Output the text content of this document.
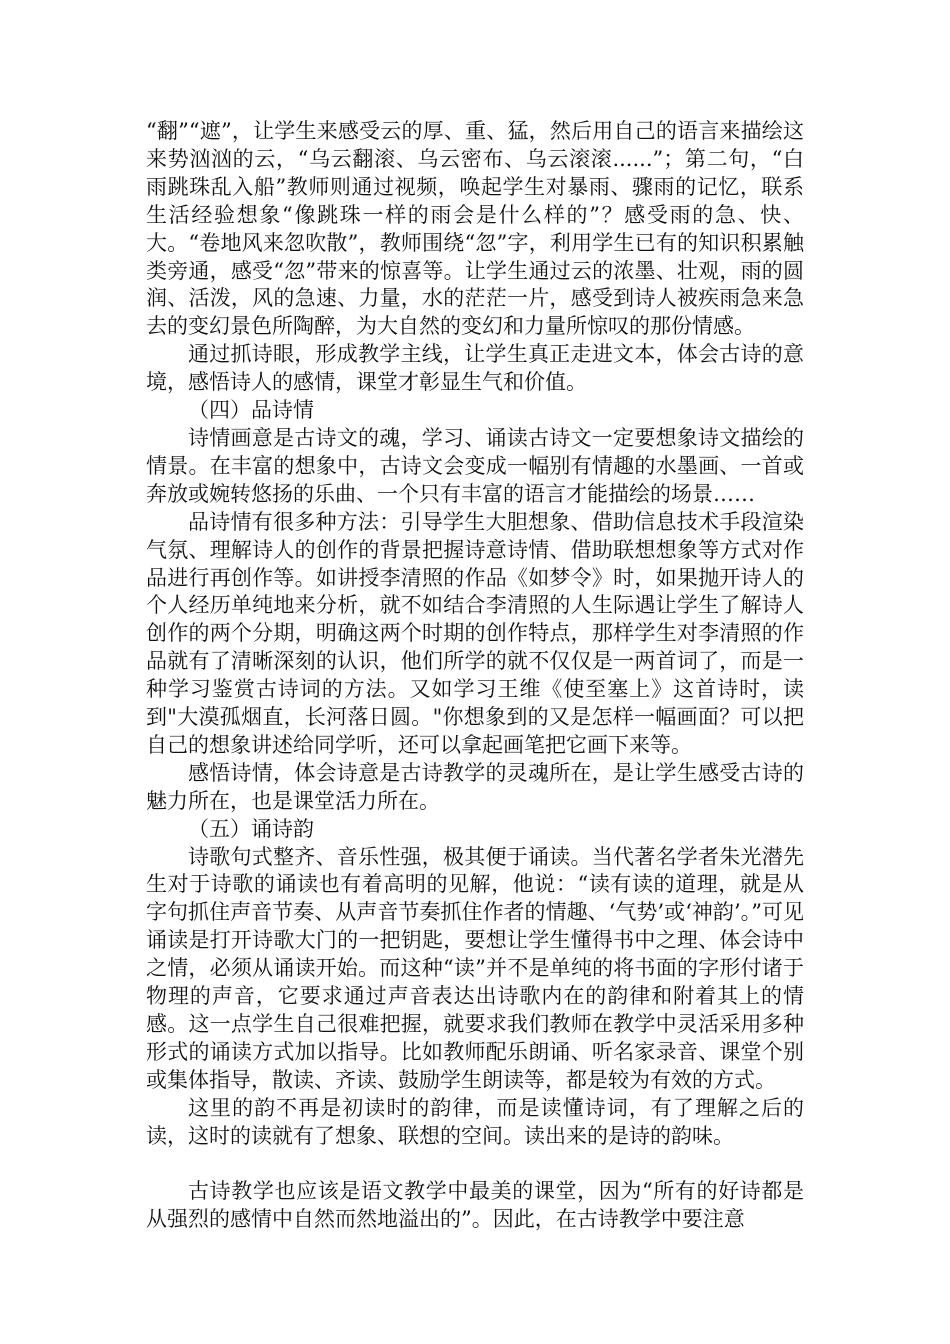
“翻”“遮”，让学生来感受云的厚、重、猛，然后用自己的语言来描绘这来势汹汹的云，“乌云翻滚、乌云密布、乌云滚滚......”；第二句，“白雨跳珠乱入船”教师则通过视频，唤起学生对暴雨、骤雨的记忆，联系生活经验想象“像跳珠一样的雨会是什么样的”？感受雨的急、快、大。“卷地风来忽吹散”，教师围绕“忽”字，利用学生已有的知识积累触类旁通，感受“忽”带来的惊喜等。让学生通过云的浓墨、壮观，雨的圆润、活泼，风的急速、力量，水的茫茫一片，感受到诗人被疾雨急来急去的变幻景色所陶醉，为大自然的变幻和力量所惊叹的那份情感。

通过抓诗眼，形成教学主线，让学生真正走进文本，体会古诗的意境，感悟诗人的感情，课堂才彰显生气和价值。

（四）品诗情

诗情画意是古诗文的魂，学习、诵读古诗文一定要想象诗文描绘的情景。在丰富的想象中，古诗文会变成一幅别有情趣的水墨画、一首或奔放或婉转悠扬的乐曲、一个只有丰富的语言才能描绘的场景……

品诗情有很多种方法：引导学生大胆想象、借助信息技术手段渲染气氛、理解诗人的创作的背景把握诗意诗情、借助联想想象等方式对作品进行再创作等。如讲授李清照的作品《如梦令》时，如果抛开诗人的个人经历单纯地来分析，就不如结合李清照的人生际遇让学生了解诗人创作的两个分期，明确这两个时期的创作特点，那样学生对李清照的作品就有了清晰深刻的认识，他们所学的就不仅仅是一两首词了，而是一种学习鉴赏古诗词的方法。又如学习王维《使至塞上》这首诗时，读到"大漠孤烟直，长河落日圆。"你想象到的又是怎样一幅画面？可以把自己的想象讲述给同学听，还可以拿起画笔把它画下来等。

感悟诗情，体会诗意是古诗教学的灵魂所在，是让学生感受古诗的魅力所在，也是课堂活力所在。

（五）诵诗韵

诗歌句式整齐、音乐性强，极其便于诵读。当代著名学者朱光潜先生对于诗歌的诵读也有着高明的见解，他说：“读有读的道理，就是从字句抓住声音节奏、从声音节奏抓住作者的情趣、‘气势’或‘神韵’。”可见诵读是打开诗歌大门的一把钥匙，要想让学生懂得书中之理、体会诗中之情，必须从诵读开始。而这种“读”并不是单纯的将书面的字形付诸于物理的声音，它要求通过声音表达出诗歌内在的韵律和附着其上的情感。这一点学生自己很难把握，就要求我们教师在教学中灵活采用多种形式的诵读方式加以指导。比如教师配乐朗诵、听名家录音、课堂个别或集体指导，散读、齐读、鼓励学生朗读等，都是较为有效的方式。

这里的韵不再是初读时的韵律，而是读懂诗词，有了理解之后的读，这时的读就有了想象、联想的空间。读出来的是诗的韵味。

古诗教学也应该是语文教学中最美的课堂，因为“所有的好诗都是从强烈的感情中自然而然地溢出的”。因此，在古诗教学中要注意
